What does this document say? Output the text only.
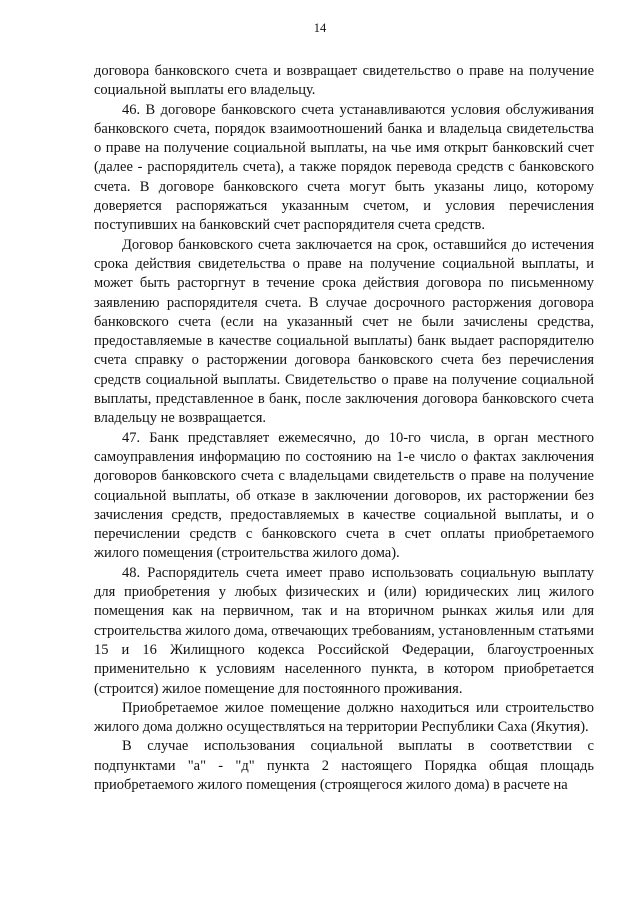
14

договора банковского счета и возвращает свидетельство о праве на получение социальной выплаты его владельцу.

46. В договоре банковского счета устанавливаются условия обслуживания банковского счета, порядок взаимоотношений банка и владельца свидетельства о праве на получение социальной выплаты, на чье имя открыт банковский счет (далее - распорядитель счета), а также порядок перевода средств с банковского счета. В договоре банковского счета могут быть указаны лицо, которому доверяется распоряжаться указанным счетом, и условия перечисления поступивших на банковский счет распорядителя счета средств.

Договор банковского счета заключается на срок, оставшийся до истечения срока действия свидетельства о праве на получение социальной выплаты, и может быть расторгнут в течение срока действия договора по письменному заявлению распорядителя счета. В случае досрочного расторжения договора банковского счета (если на указанный счет не были зачислены средства, предоставляемые в качестве социальной выплаты) банк выдает распорядителю счета справку о расторжении договора банковского счета без перечисления средств социальной выплаты. Свидетельство о праве на получение социальной выплаты, представленное в банк, после заключения договора банковского счета владельцу не возвращается.

47. Банк представляет ежемесячно, до 10-го числа, в орган местного самоуправления информацию по состоянию на 1-е число о фактах заключения договоров банковского счета с владельцами свидетельств о праве на получение социальной выплаты, об отказе в заключении договоров, их расторжении без зачисления средств, предоставляемых в качестве социальной выплаты, и о перечислении средств с банковского счета в счет оплаты приобретаемого жилого помещения (строительства жилого дома).

48. Распорядитель счета имеет право использовать социальную выплату для приобретения у любых физических и (или) юридических лиц жилого помещения как на первичном, так и на вторичном рынках жилья или для строительства жилого дома, отвечающих требованиям, установленным статьями 15 и 16 Жилищного кодекса Российской Федерации, благоустроенных применительно к условиям населенного пункта, в котором приобретается (строится) жилое помещение для постоянного проживания.

Приобретаемое жилое помещение должно находиться или строительство жилого дома должно осуществляться на территории Республики Саха (Якутия).

В случае использования социальной выплаты в соответствии с подпунктами "а" - "д" пункта 2 настоящего Порядка общая площадь приобретаемого жилого помещения (строящегося жилого дома) в расчете на
